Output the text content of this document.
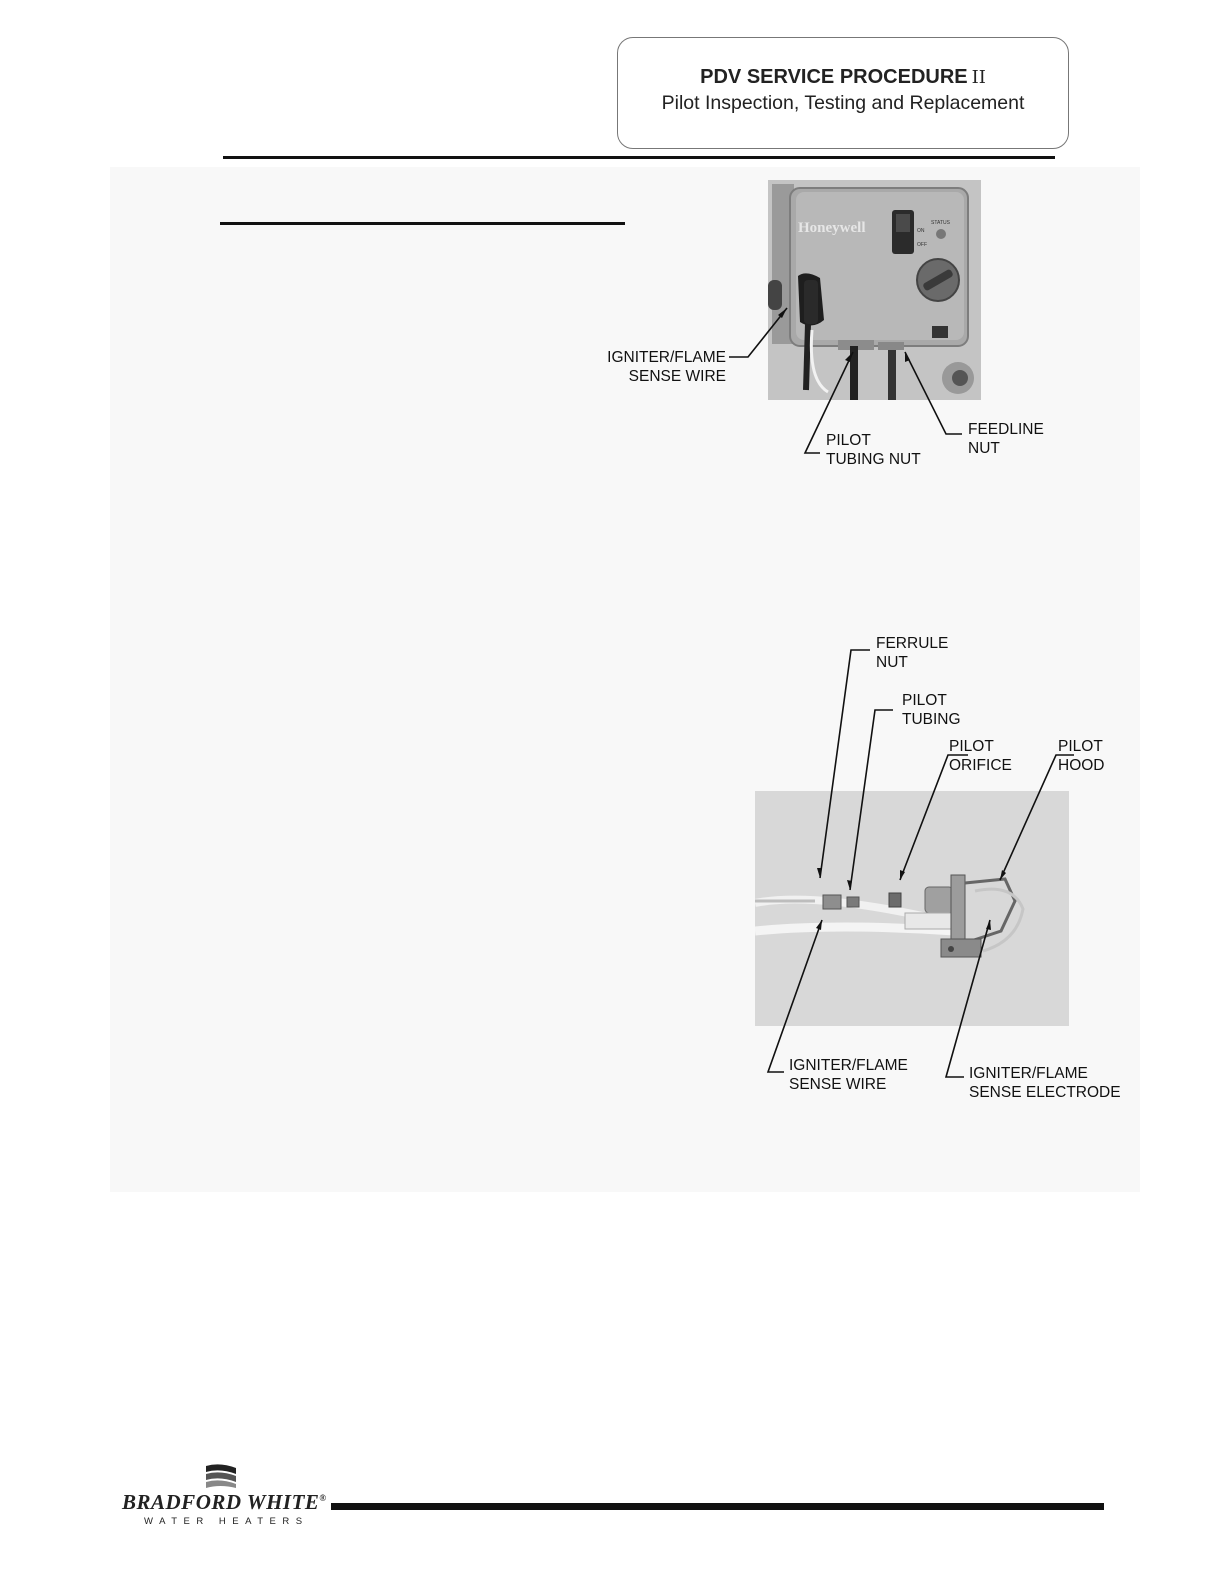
PDV SERVICE PROCEDURE II
Pilot Inspection, Testing and Replacement
Honeywell	ON
OFF
STATUS
IGNITER/FLAME
SENSE WIRE
PILOT
TUBING NUT
FEEDLINE
NUT
FERRULE
NUT
PILOT
TUBING
PILOT
ORIFICE
PILOT
HOOD
IGNITER/FLAME
SENSE WIRE
IGNITER/FLAME
SENSE ELECTRODE
BRADFORD WHITE®
WATER HEATERS
